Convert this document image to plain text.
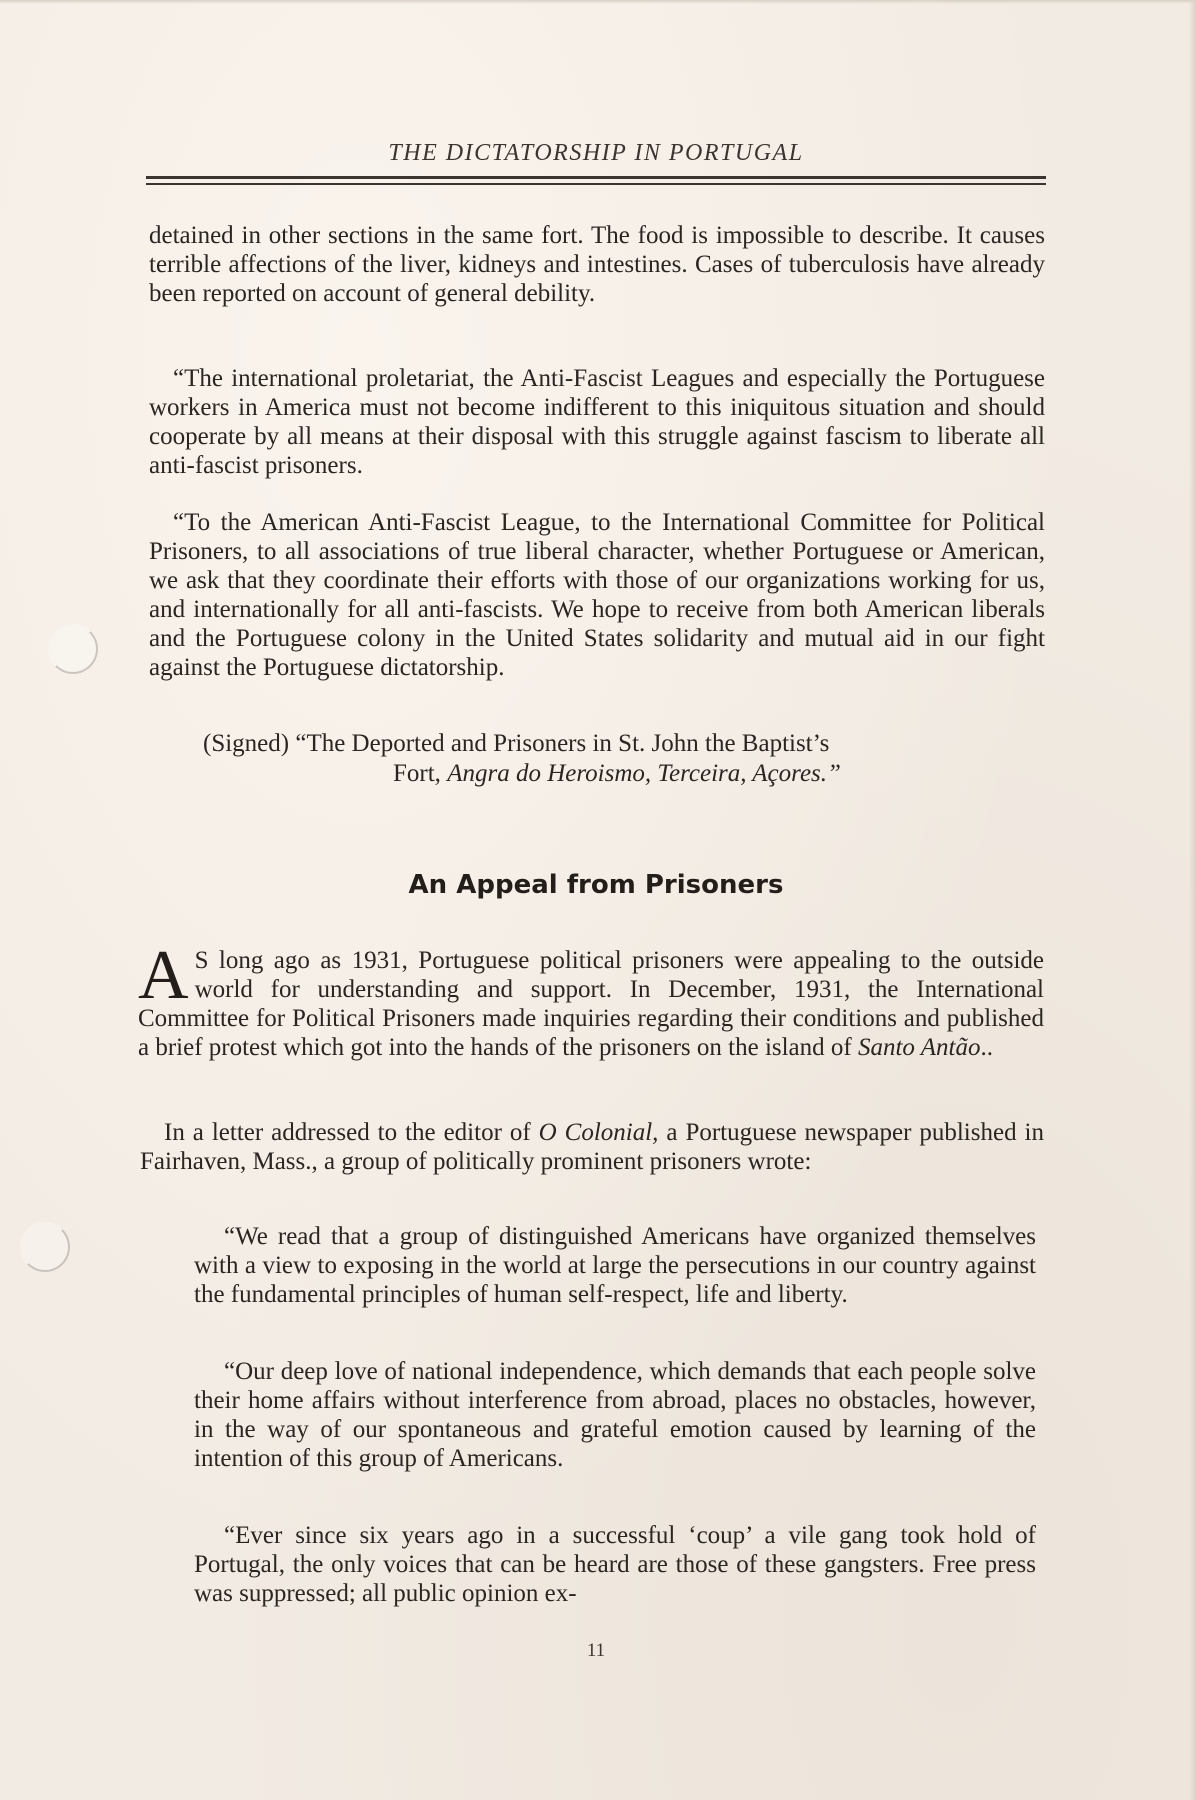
THE DICTATORSHIP IN PORTUGAL

detained in other sections in the same fort. The food is impossible to describe. It causes terrible affections of the liver, kidneys and intestines. Cases of tuberculosis have already been reported on account of general debility.

“The international proletariat, the Anti-Fascist Leagues and especially the Portuguese workers in America must not become indifferent to this iniquitous situation and should cooperate by all means at their disposal with this struggle against fascism to liberate all anti-fascist prisoners.

“To the American Anti-Fascist League, to the International Committee for Political Prisoners, to all associations of true liberal character, whether Portuguese or American, we ask that they coordinate their efforts with those of our organizations working for us, and internationally for all anti-fascists. We hope to receive from both American liberals and the Portuguese colony in the United States solidarity and mutual aid in our fight against the Portuguese dictatorship.

(Signed) “The Deported and Prisoners in St. John the Baptist’s
Fort, Angra do Heroismo, Terceira, Açores.”
An Appeal from Prisoners

A S long ago as 1931, Portuguese political prisoners were appealing to the outside world for understanding and support. In December, 1931, the International Committee for Political Prisoners made inquiries regarding their conditions and published a brief protest which got into the hands of the prisoners on the island of Santo Antão..

In a letter addressed to the editor of O Colonial, a Portuguese newspaper published in Fairhaven, Mass., a group of politically prominent prisoners wrote:

“We read that a group of distinguished Americans have organized themselves with a view to exposing in the world at large the persecutions in our country against the fundamental principles of human self-respect, life and liberty.

“Our deep love of national independence, which demands that each people solve their home affairs without interference from abroad, places no obstacles, however, in the way of our spontaneous and grateful emotion caused by learning of the intention of this group of Americans.

“Ever since six years ago in a successful ‘coup’ a vile gang took hold of Portugal, the only voices that can be heard are those of these gangsters. Free press was suppressed; all public opinion ex-

11
